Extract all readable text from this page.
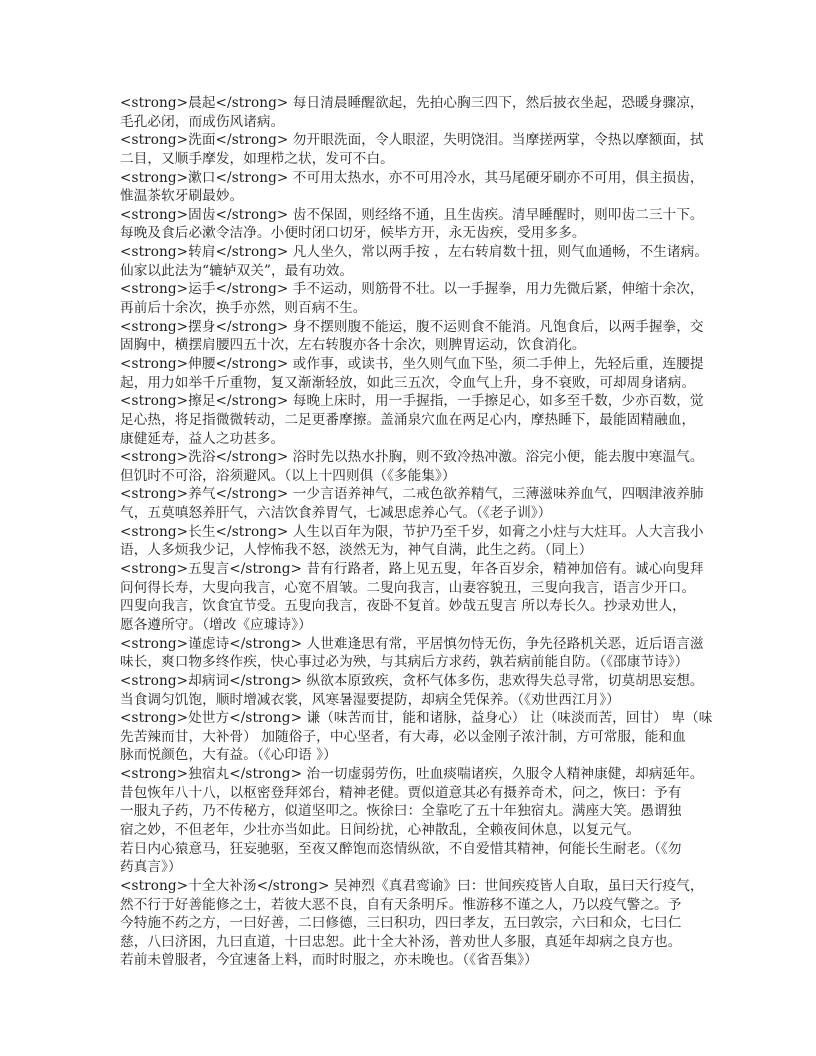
<strong>晨起</strong> 每日清晨睡醒欲起，先拍心胸三四下，然后披衣坐起，恐暖身骤凉，
毛孔必闭，而成伤风诸病。
<strong>洗面</strong> 勿开眼洗面，令人眼涩，失明饶泪。当摩搓两掌，令热以摩额面，拭
二目，又顺手摩发，如理栉之状，发可不白。
<strong>漱口</strong> 不可用太热水，亦不可用冷水，其马尾硬牙刷亦不可用，俱主损齿，
惟温茶软牙刷最妙。
<strong>固齿</strong> 齿不保固，则经络不通，且生齿疾。清早睡醒时，则叩齿二三十下。
每晚及食后必漱令洁净。小便时闭口切牙，候毕方开，永无齿疾，受用多多。
<strong>转肩</strong> 凡人坐久，常以两手按 ，左右转肩数十扭，则气血通畅，不生诸病。
仙家以此法为“辘轳双关”，最有功效。
<strong>运手</strong> 手不运动，则筋骨不壮。以一手握拳，用力先微后紧，伸缩十余次，
再前后十余次，换手亦然，则百病不生。
<strong>摆身</strong> 身不摆则腹不能运，腹不运则食不能消。凡饱食后，以两手握拳，交
固胸中，横摆肩腰四五十次，左右转腹亦各十余次，则脾胃运动，饮食消化。
<strong>伸腰</strong> 或作事，或读书，坐久则气血下坠，须二手伸上，先轻后重，连腰提
起，用力如举千斤重物，复又渐渐轻放，如此三五次，令血气上升，身不衰败，可却周身诸病。
<strong>擦足</strong> 每晚上床时，用一手握指，一手擦足心，如多至千数，少亦百数，觉
足心热，将足指微微转动，二足更番摩擦。盖涌泉穴血在两足心内，摩热睡下，最能固精融血，
康健延寿，益人之功甚多。
<strong>洗浴</strong> 浴时先以热水扑胸，则不致冷热冲激。浴完小便，能去腹中寒温气。
但饥时不可浴，浴须避风。（以上十四则俱（《多能集》）
<strong>养气</strong> 一少言语养神气，二戒色欲养精气，三薄滋味养血气，四咽津液养肺
气，五莫嗔怒养肝气，六洁饮食养胃气，七减思虑养心气。（《老子训》）
<strong>长生</strong> 人生以百年为限，节护乃至千岁，如膏之小炷与大炷耳。人大言我小
语，人多烦我少记，人悖怖我不怒，淡然无为，神气自满，此生之药。（同上）
<strong>五叟言</strong> 昔有行路者，路上见五叟，年各百岁余，精神加倍有。诚心向叟拜
问何得长寿，大叟向我言，心宽不眉皱。二叟向我言，山妻容貌丑，三叟向我言，语言少开口。
四叟向我言，饮食宜节受。五叟向我言，夜卧不复首。妙哉五叟言 所以寿长久。抄录劝世人，
愿各遵所守。（增改《应璩诗》）
<strong>谨虑诗</strong> 人世难逢思有常，平居慎勿恃无伤，争先径路机关恶，近后语言滋
味长，爽口物多终作疾，快心事过必为殃，与其病后方求药，孰若病前能自防。（《邵康节诗》）
<strong>却病词</strong> 纵欲本原致疾，贪杯气体多伤，悲欢得失总寻常，切莫胡思妄想。
当食调匀饥饱，顺时增减衣裳，风寒暑湿要提防，却病全凭保养。（《劝世西江月》）
<strong>处世方</strong> 谦（味苦而甘，能和诸脉，益身心） 让（味淡而苦，回甘） 卑（味
先苦辣而甘，大补骨） 加随俗子，中心坚者，有大毒，必以金刚子浓汁制，方可常服，能和血
脉而悦颜色，大有益。（《心印语 》）
<strong>独宿丸</strong> 治一切虚弱劳伤，吐血痰喘诸疾，久服令人精神康健，却病延年。
昔包恢年八十八，以枢密登拜郊台，精神老健。贾似道意其必有摄养奇术，问之，恢曰：予有
一服丸子药，乃不传秘方，似道坚叩之。恢徐曰：全靠吃了五十年独宿丸。满座大笑。愚谓独
宿之妙，不但老年，少壮亦当如此。日间纷扰，心神散乱，全赖夜间休息，以复元气。
若日内心猿意马，狂妄驰驱，至夜又醉饱而恣情纵欲，不自爱惜其精神，何能长生耐老。（《勿
药真言》）
<strong>十全大补汤</strong> 吴神烈《真君鸾谕》曰：世间疾疫皆人自取，虽曰天行疫气，
然不行于好善能修之士，若彼大恶不良，自有天条明斥。惟游移不谨之人，乃以疫气警之。予
今特施不药之方，一曰好善，二曰修德，三曰积功，四曰孝友，五曰敦宗，六曰和众，七曰仁
慈，八曰济困，九曰直道，十曰忠恕。此十全大补汤，普劝世人多服，真延年却病之良方也。
若前未曾服者，今宜速备上料，而时时服之，亦未晚也。（《省吾集》）
